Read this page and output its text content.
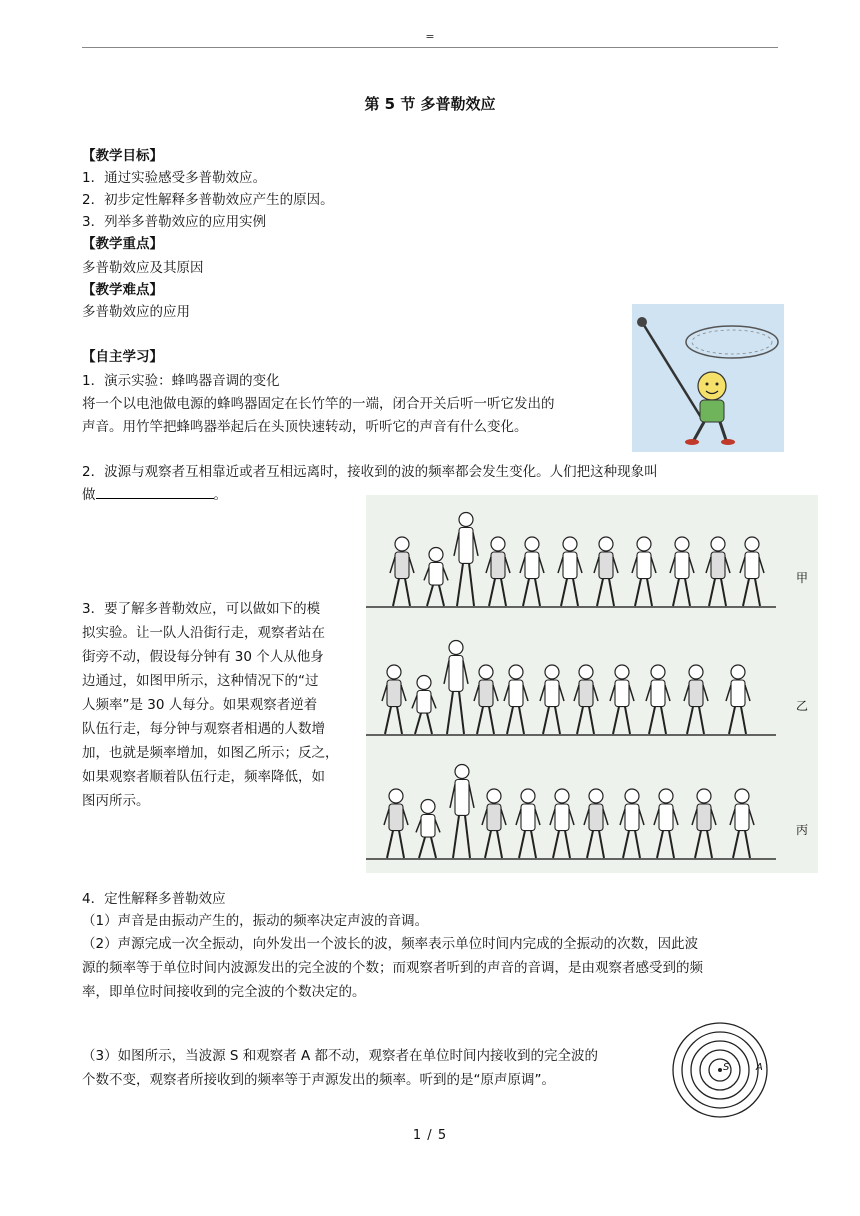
=
第 5 节 多普勒效应
【教学目标】
1．通过实验感受多普勒效应。
2．初步定性解释多普勒效应产生的原因。
3．列举多普勒效应的应用实例
【教学重点】
多普勒效应及其原因
【教学难点】
多普勒效应的应用
【自主学习】
1．演示实验：蜂鸣器音调的变化
将一个以电池做电源的蜂鸣器固定在长竹竿的一端，闭合开关后听一听它发出的
声音。用竹竿把蜂鸣器举起后在头顶快速转动，听听它的声音有什么变化。
2．波源与观察者互相靠近或者互相远离时，接收到的波的频率都会发生变化。人们把这种现象叫
做	。
3．要了解多普勒效应，可以做如下的模
拟实验。让一队人沿街行走，观察者站在
街旁不动，假设每分钟有 30 个人从他身
边通过，如图甲所示，这种情况下的“过
人频率”是 30 人每分。如果观察者逆着
队伍行走，每分钟与观察者相遇的人数增
加，也就是频率增加，如图乙所示；反之，
如果观察者顺着队伍行走，频率降低，如
图丙所示。
甲
乙
丙
4．定性解释多普勒效应
（1）声音是由振动产生的，振动的频率决定声波的音调。
（2）声源完成一次全振动，向外发出一个波长的波，频率表示单位时间内完成的全振动的次数，因此波
源的频率等于单位时间内波源发出的完全波的个数；而观察者听到的声音的音调，是由观察者感受到的频
率，即单位时间接收到的完全波的个数决定的。
（3）如图所示，当波源 S 和观察者 A 都不动，观察者在单位时间内接收到的完全波的
个数不变，观察者所接收到的频率等于声源发出的频率。听到的是“原声原调”。
S	A
1 / 5
